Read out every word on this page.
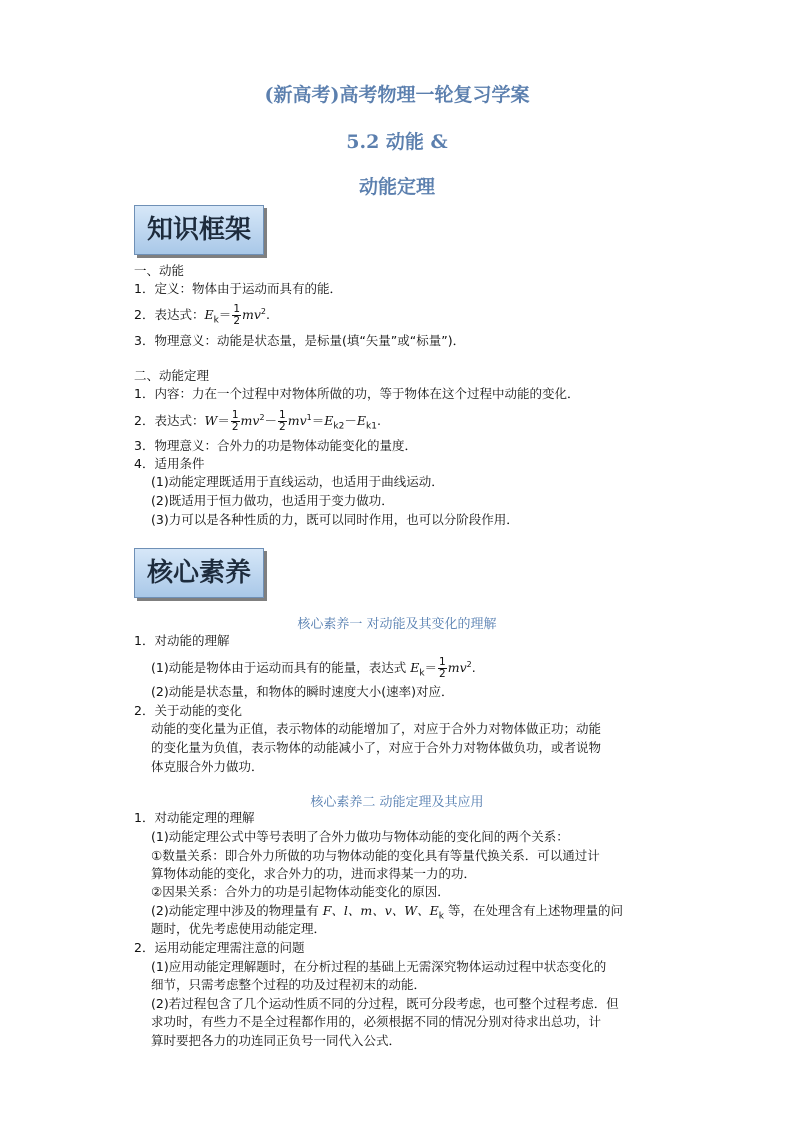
(新高考)高考物理一轮复习学案
5.2 动能 &
动能定理
知识框架
一、动能
1．定义：物体由于运动而具有的能．
2．表达式：$E_k= \frac{1}{2} mv^2$.
3．物理意义：动能是状态量，是标量(填“矢量”或“标量”)．
二、动能定理
1．内容：力在一个过程中对物体所做的功，等于物体在这个过程中动能的变化．
2．表达式：$W= \frac{1}{2} mv^2- \frac{1}{2} mv^1=E_{k2}-E_{k1}$.
3．物理意义：合外力的功是物体动能变化的量度．
4．适用条件
(1)动能定理既适用于直线运动，也适用于曲线运动．
(2)既适用于恒力做功，也适用于变力做功．
(3)力可以是各种性质的力，既可以同时作用，也可以分阶段作用．
核心素养
核心素养一 对动能及其变化的理解
1．对动能的理解
(1)动能是物体由于运动而具有的能量，表达式 $E_k= \frac{1}{2} mv^2$.
(2)动能是状态量，和物体的瞬时速度大小(速率)对应．
2．关于动能的变化
动能的变化量为正值，表示物体的动能增加了，对应于合外力对物体做正功；动能
的变化量为负值，表示物体的动能减小了，对应于合外力对物体做负功，或者说物
体克服合外力做功．
核心素养二 动能定理及其应用
1．对动能定理的理解
(1)动能定理公式中等号表明了合外力做功与物体动能的变化间的两个关系：
①数量关系：即合外力所做的功与物体动能的变化具有等量代换关系．可以通过计
算物体动能的变化，求合外力的功，进而求得某一力的功．
②因果关系：合外力的功是引起物体动能变化的原因．
(2)动能定理中涉及的物理量有 F、l、m、v、W、$E_k$ 等，在处理含有上述物理量的问
题时，优先考虑使用动能定理．
2．运用动能定理需注意的问题
(1)应用动能定理解题时，在分析过程的基础上无需深究物体运动过程中状态变化的
细节，只需考虑整个过程的功及过程初末的动能．
(2)若过程包含了几个运动性质不同的分过程，既可分段考虑，也可整个过程考虑．但
求功时，有些力不是全过程都作用的，必须根据不同的情况分别对待求出总功，计
算时要把各力的功连同正负号一同代入公式．
